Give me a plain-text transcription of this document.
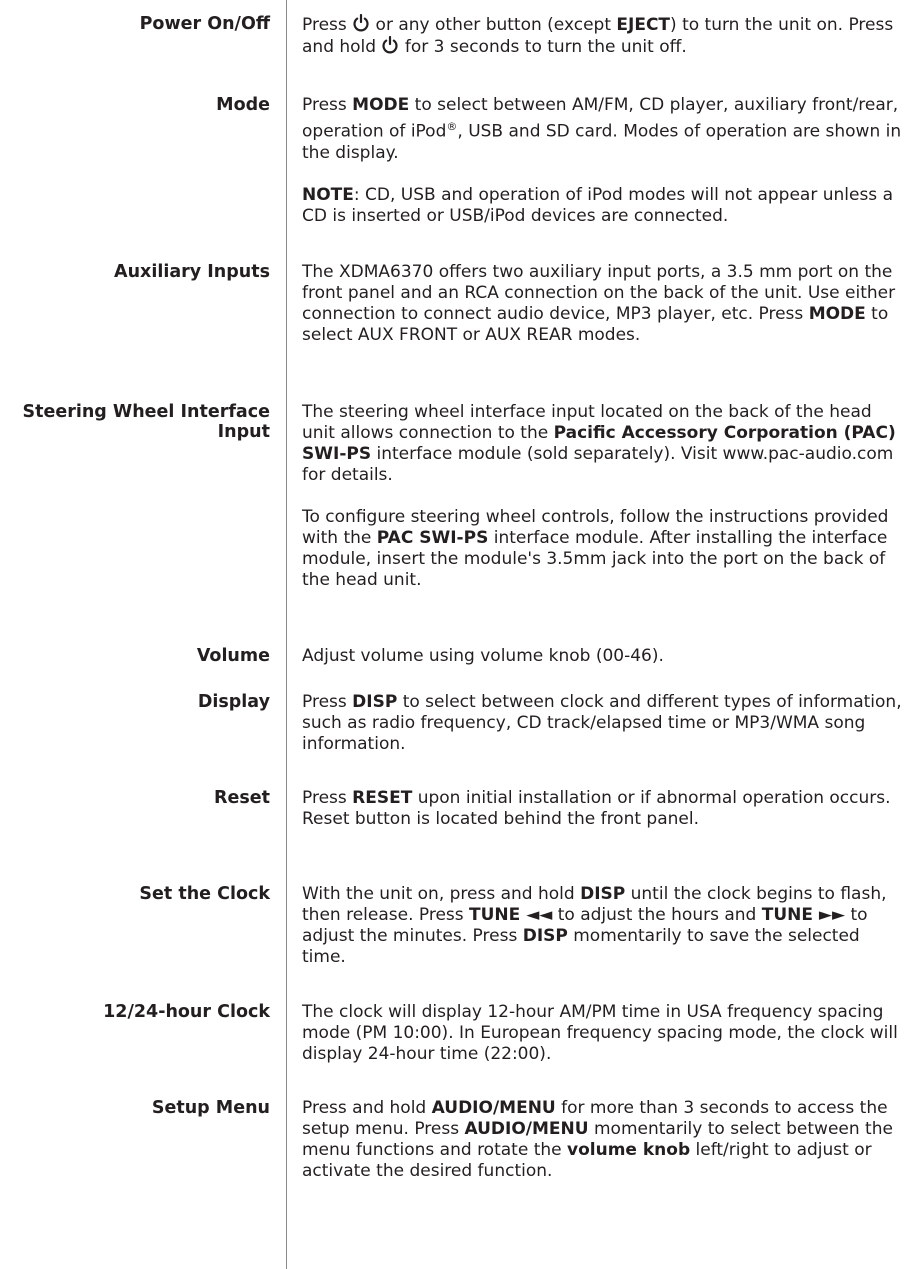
Power On/Off Press
or any other button (except EJECT) to turn the unit on. Press and hold
for 3 seconds to turn the unit off.

Mode Press MODE to select between AM/FM, CD player, auxiliary front/rear, operation of iPod®, USB and SD card. Modes of operation are shown in the display.

NOTE: CD, USB and operation of iPod modes will not appear unless a CD is inserted or USB/iPod devices are connected.

Auxiliary Inputs The XDMA6370 offers two auxiliary input ports, a 3.5 mm port on the front panel and an RCA connection on the back of the unit. Use either connection to connect audio device, MP3 player, etc. Press MODE to select AUX FRONT or AUX REAR modes.

Steering Wheel Interface
Input

The steering wheel interface input located on the back of the head unit allows connection to the Pacific Accessory Corporation (PAC) SWI-PS interface module (sold separately). Visit www.pac-audio.com for details.

To configure steering wheel controls, follow the instructions provided with the PAC SWI-PS interface module. After installing the interface module, insert the module's 3.5mm jack into the port on the back of the head unit.

Volume Adjust volume using volume knob (00-46).

Display Press DISP to select between clock and different types of information, such as radio frequency, CD track/elapsed time or MP3/WMA song information.

Reset Press RESET upon initial installation or if abnormal operation occurs. Reset button is located behind the front panel.

Set the Clock With the unit on, press and hold DISP until the clock begins to flash, then release. Press TUNE ◄◄ to adjust the hours and TUNE ►► to adjust the minutes. Press DISP momentarily to save the selected time.

12/24-hour Clock The clock will display 12-hour AM/PM time in USA frequency spacing mode (PM 10:00). In European frequency spacing mode, the clock will display 24-hour time (22:00).

Setup Menu Press and hold AUDIO/MENU for more than 3 seconds to access the setup menu. Press AUDIO/MENU momentarily to select between the menu functions and rotate the volume knob left/right to adjust or activate the desired function.
